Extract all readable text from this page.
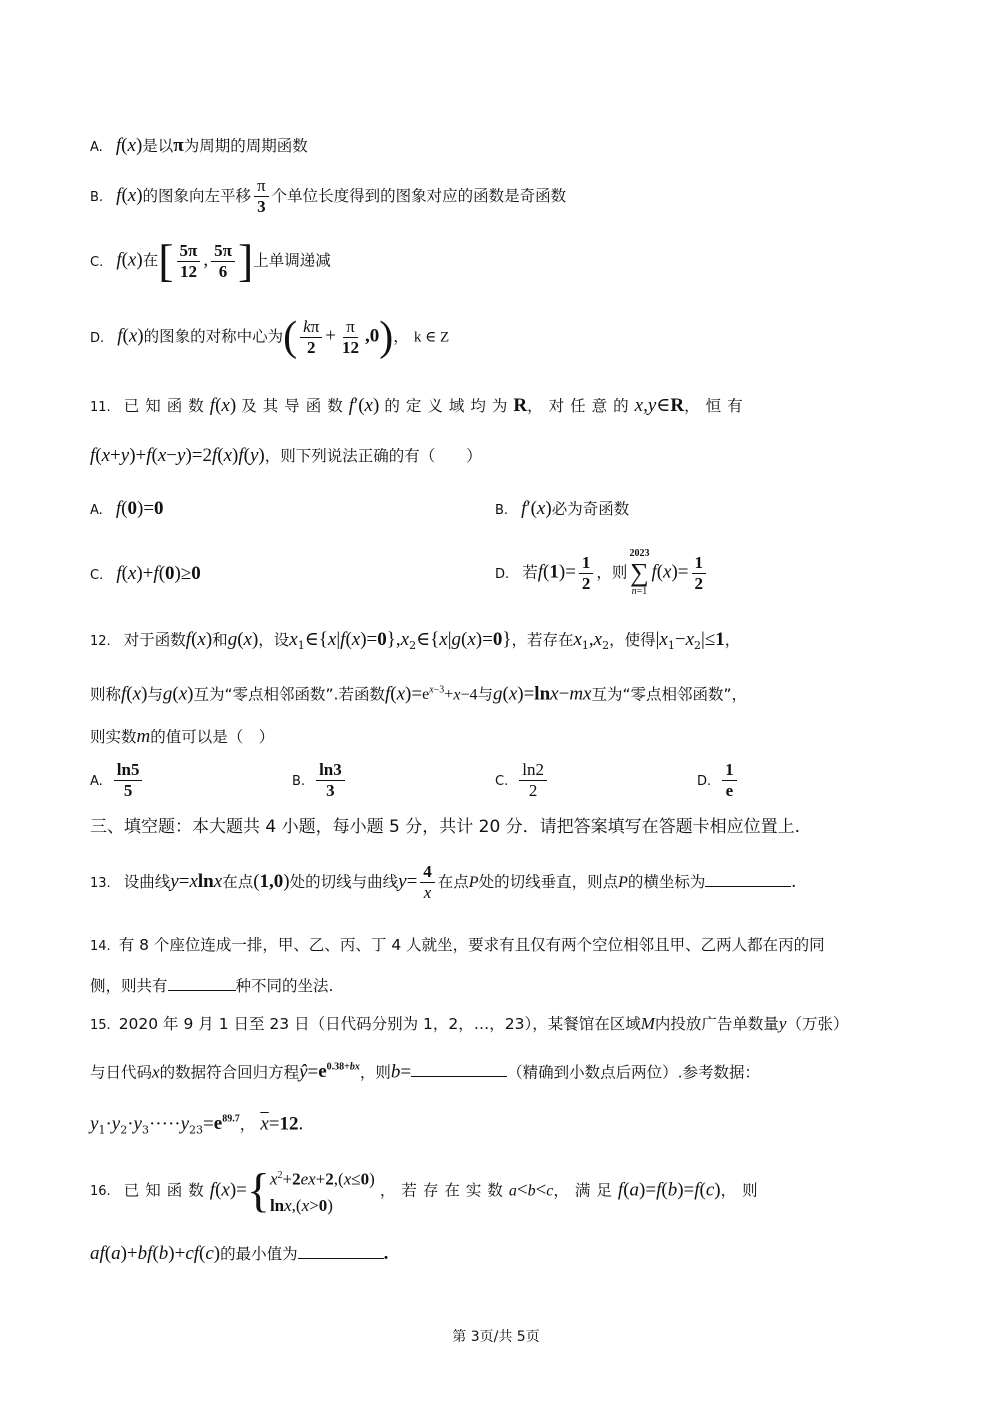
A. f(x)是以π为周期的周期函数
B. f(x)的图象向左平移 $\frac{\pi}{3}$ 个单位长度得到的图象对应的函数是奇函数
C. f(x)在[ $\frac{5\pi}{12}$ , $\frac{5\pi}{6}$ ]上单调递减
D. f(x)的图象的对称中心为( $\frac{k\pi}{2} + \frac{\pi}{12} ,0$)， k ∈ Z
11. 已知函数f(x) 及其导函数f′(x) 的定义域均为R，对任意的x,y∈R，恒有
f(x+y)+f(x−y)=2f(x)f(y)，则下列说法正确的有（　　）
A. f(0)=0	B. f′(x)必为奇函数
C. f(x)+f(0)≥0	D. 若$f(1)= \frac{1}{2}$ ，则
2023
∑
n=1
$f(x)= \frac{1}{2}$
12. 对于函数f(x)和g(x)，设$x_1\in\{x|f(x)=0\},x_2\in\{x|g(x)=0\}$，若存在$x_1,x_2$，使得$|x_1-x_2|\le 1$，
则称f(x)与g(x)互为“零点相邻函数”.若函数$f(x)=e^{x-3}+x-4$与g(x)=lnx−mx互为“零点相邻函数”，
则实数m的值可以是（　）
A. $\frac{\ln 5}{5}$	B. $\frac{\ln 3}{3}$	C. $\frac{\ln 2}{2}$	D. $\frac{1}{e}$
三、填空题：本大题共 4 小题，每小题 5 分，共计 20 分．请把答案填写在答题卡相应位置上.
13. 设曲线y=xlnx在点(1,0)处的切线与曲线$y= \frac{4}{x}$ 在点P处的切线垂直，则点P的横坐标为	.
14. 有 8 个座位连成一排，甲、乙、丙、丁 4 人就坐，要求有且仅有两个空位相邻且甲、乙两人都在丙的同
侧，则共有	种不同的坐法.
15. 2020 年 9 月 1 日至 23 日（日代码分别为 1，2，…，23），某餐馆在区域M内投放广告单数量y（万张）
与日代码x的数据符合回归方程$ŷ=e^{0.38+bx}$，则b=	（精确到小数点后两位）.参考数据：
$y_1\cdot y_2\cdot y_3\cdot\cdot\cdot\cdot\cdot y_{23}=e^{89.7}$， $\overline{x}=12$.
16. 已知函数f(x)={ $x^2+2ex+2,(x\le 0)$
lnx,(x>0)
，若存在实数a<b<c，满足f(a)=f(b)=f(c)，则
af(a)+bf(b)+cf(c)的最小值为	.
第 3页/共 5页
